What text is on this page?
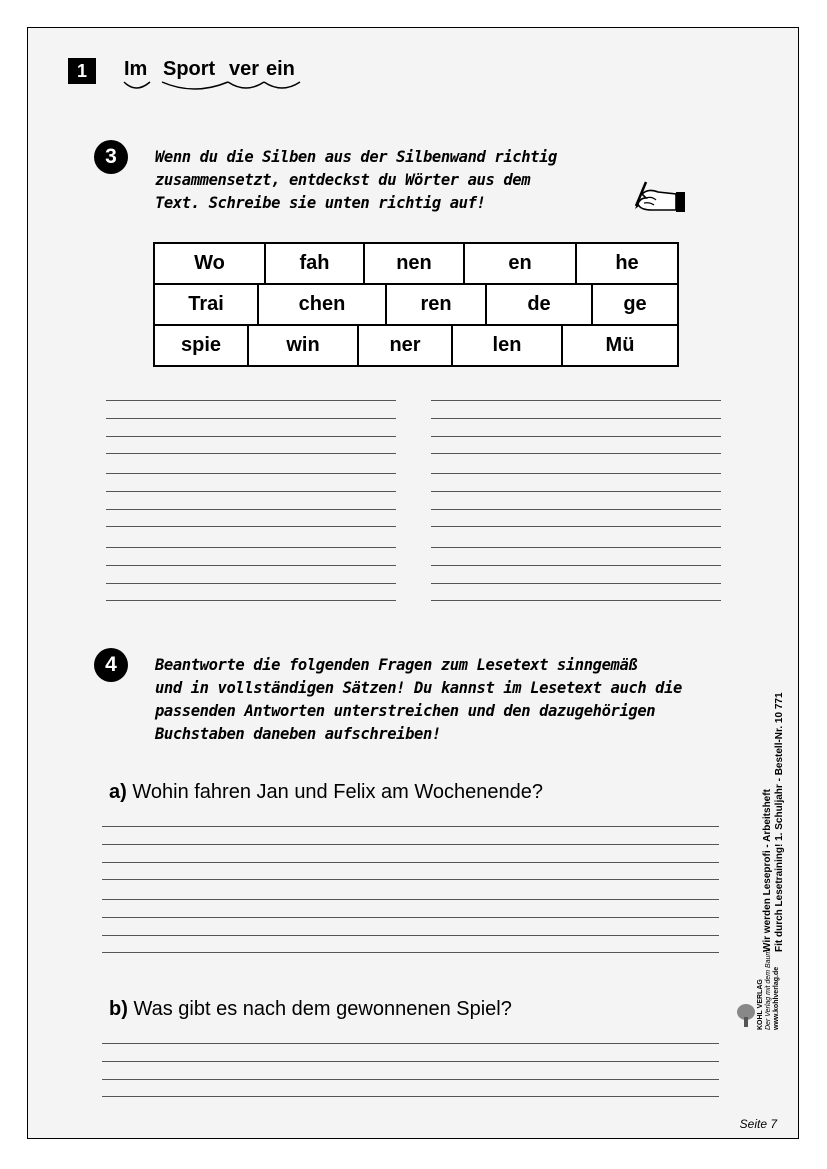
1	Im Sport ver ein
3	Wenn du die Silben aus der Silbenwand richtig
zusammensetzt, entdeckst du Wörter aus dem
Text. Schreibe sie unten richtig auf!
Wo	fah	nen	en	he
Trai	chen	ren	de	ge
spie	win	ner	len	Mü
4	Beantworte die folgenden Fragen zum Lesetext sinngemäß
und in vollständigen Sätzen! Du kannst im Lesetext auch die
passenden Antworten unterstreichen und den dazugehörigen
Buchstaben daneben aufschreiben!
a) Wohin fahren Jan und Felix am Wochenende?
b) Was gibt es nach dem gewonnenen Spiel?
Wir werden Leseprofi - Arbeitsheft Fit durch Lesetraining! 1. Schuljahr - Bestell-Nr. 10 771
KOHL VERLAG Der Verlag mit dem Baum www.kohlverlag.de
Seite 7
